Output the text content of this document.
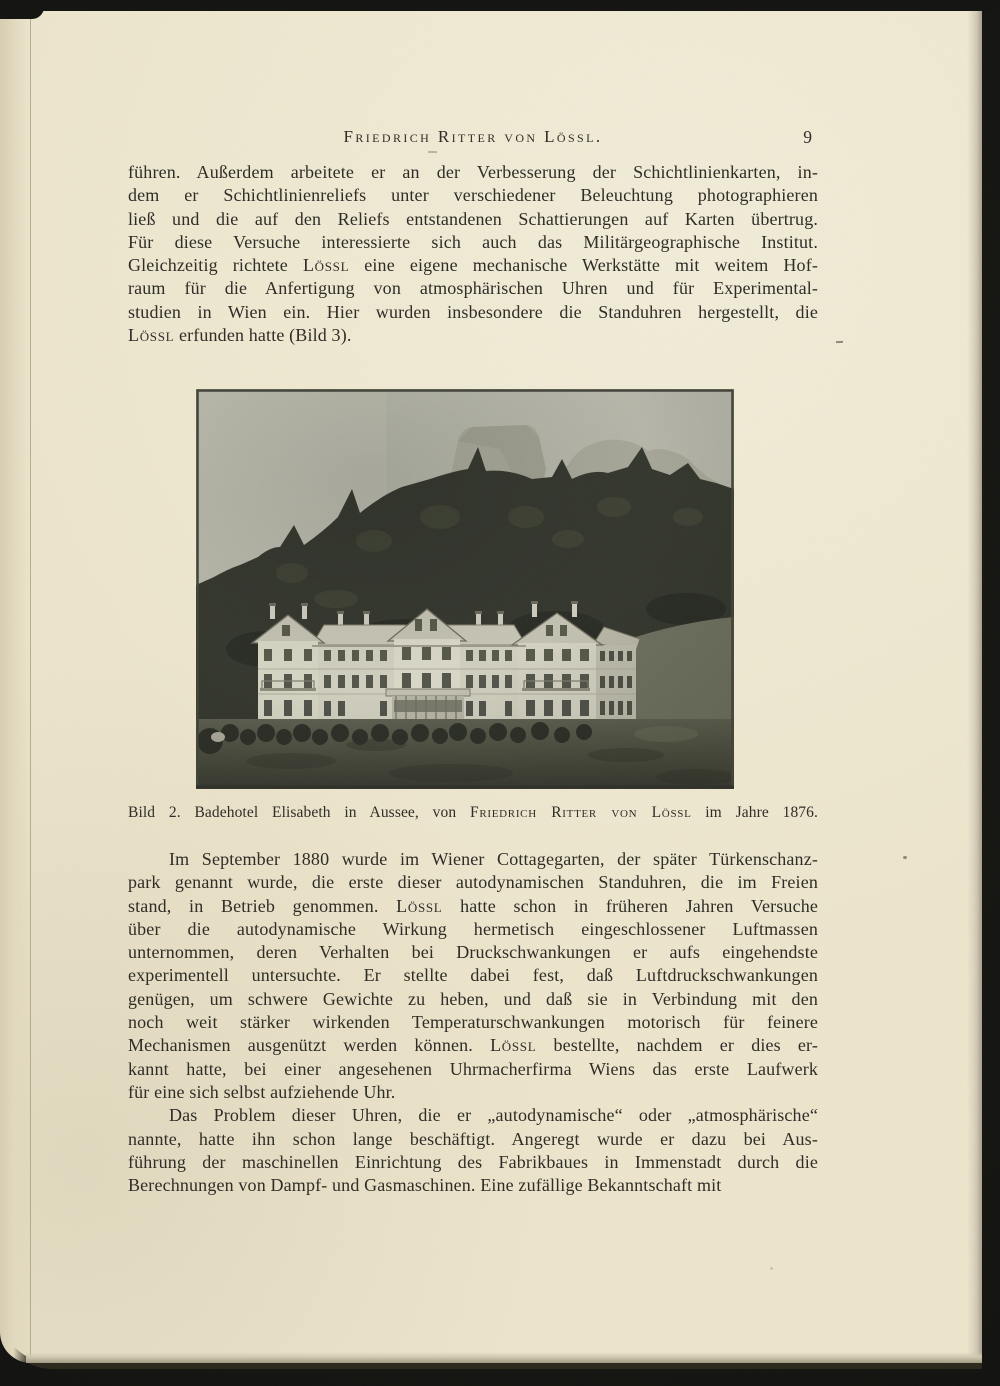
Friedrich Ritter von Lössl.	9
führen. Außerdem arbeitete er an der Verbesserung der Schichtlinienkarten, in-
dem er Schichtlinienreliefs unter verschiedener Beleuchtung photographieren
ließ und die auf den Reliefs entstandenen Schattierungen auf Karten übertrug.
Für diese Versuche interessierte sich auch das Militärgeographische Institut.
Gleichzeitig richtete Lössl eine eigene mechanische Werkstätte mit weitem Hof-
raum für die Anfertigung von atmosphärischen Uhren und für Experimental-
studien in Wien ein. Hier wurden insbesondere die Standuhren hergestellt, die
Lössl erfunden hatte (Bild 3).
Bild 2. Badehotel Elisabeth in Aussee, von Friedrich Ritter von Lössl im Jahre 1876.
Im September 1880 wurde im Wiener Cottagegarten, der später Türkenschanz-
park genannt wurde, die erste dieser autodynamischen Standuhren, die im Freien
stand, in Betrieb genommen. Lössl hatte schon in früheren Jahren Versuche
über die autodynamische Wirkung hermetisch eingeschlossener Luftmassen
unternommen, deren Verhalten bei Druckschwankungen er aufs eingehendste
experimentell untersuchte. Er stellte dabei fest, daß Luftdruckschwankungen
genügen, um schwere Gewichte zu heben, und daß sie in Verbindung mit den
noch weit stärker wirkenden Temperaturschwankungen motorisch für feinere
Mechanismen ausgenützt werden können. Lössl bestellte, nachdem er dies er-
kannt hatte, bei einer angesehenen Uhrmacherfirma Wiens das erste Laufwerk
für eine sich selbst aufziehende Uhr.
Das Problem dieser Uhren, die er „autodynamische“ oder „atmosphärische“
nannte, hatte ihn schon lange beschäftigt. Angeregt wurde er dazu bei Aus-
führung der maschinellen Einrichtung des Fabrikbaues in Immenstadt durch die
Berechnungen von Dampf- und Gasmaschinen. Eine zufällige Bekanntschaft mit
